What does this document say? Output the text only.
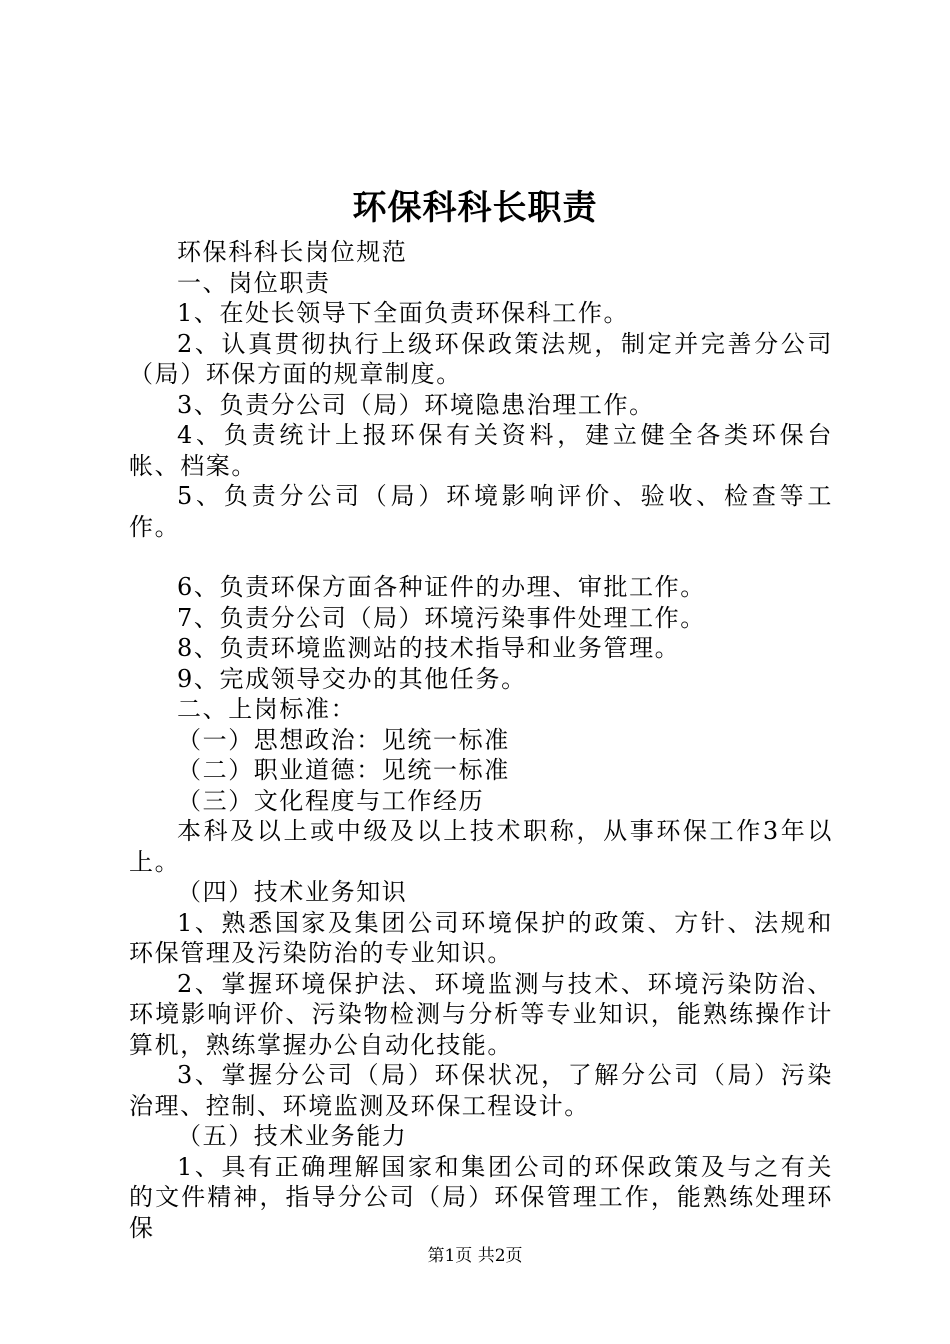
环保科科长职责

环保科科长岗位规范

一、岗位职责

1、在处长领导下全面负责环保科工作。

2、认真贯彻执行上级环保政策法规，制定并完善分公司（局）环保方面的规章制度。

3、负责分公司（局）环境隐患治理工作。

4、负责统计上报环保有关资料，建立健全各类环保台帐、档案。

5、负责分公司（局）环境影响评价、验收、检查等工作。

6、负责环保方面各种证件的办理、审批工作。

7、负责分公司（局）环境污染事件处理工作。

8、负责环境监测站的技术指导和业务管理。

9、完成领导交办的其他任务。

二、上岗标准：

（一）思想政治：见统一标准

（二）职业道德：见统一标准

（三）文化程度与工作经历

本科及以上或中级及以上技术职称，从事环保工作3年以上。

（四）技术业务知识

1、熟悉国家及集团公司环境保护的政策、方针、法规和环保管理及污染防治的专业知识。

2、掌握环境保护法、环境监测与技术、环境污染防治、环境影响评价、污染物检测与分析等专业知识，能熟练操作计算机，熟练掌握办公自动化技能。

3、掌握分公司（局）环保状况，了解分公司（局）污染治理、控制、环境监测及环保工程设计。

（五）技术业务能力

1、具有正确理解国家和集团公司的环保政策及与之有关的文件精神，指导分公司（局）环保管理工作，能熟练处理环保

第1页 共2页
